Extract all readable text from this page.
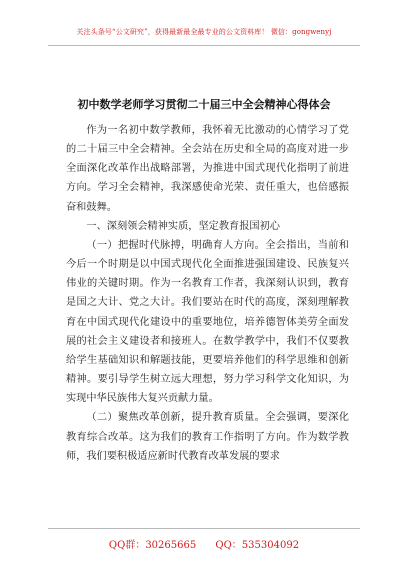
关注头条号“公文研究”，获得最新最全最专业的公文资料库！ 微信：gongwenyj
初中数学老师学习贯彻二十届三中全会精神心得体会

作为一名初中数学教师，我怀着无比激动的心情学习了党的二十届三中全会精神。全会站在历史和全局的高度对进一步全面深化改革作出战略部署，为推进中国式现代化指明了前进方向。学习全会精神，我深感使命光荣、责任重大，也倍感振奋和鼓舞。

一、深刻领会精神实质，坚定教育报国初心

（一）把握时代脉搏，明确育人方向。全会指出，当前和今后一个时期是以中国式现代化全面推进强国建设、民族复兴伟业的关键时期。作为一名教育工作者，我深刻认识到，教育是国之大计、党之大计。我们要站在时代的高度，深刻理解教育在中国式现代化建设中的重要地位，培养德智体美劳全面发展的社会主义建设者和接班人。在数学教学中，我们不仅要教给学生基础知识和解题技能，更要培养他们的科学思维和创新精神。要引导学生树立远大理想，努力学习科学文化知识，为实现中华民族伟大复兴贡献力量。

（二）聚焦改革创新，提升教育质量。全会强调，要深化教育综合改革。这为我们的教育工作指明了方向。作为数学教师，我们要积极适应新时代教育改革发展的要求

QQ群：30265665 QQ：535304092
